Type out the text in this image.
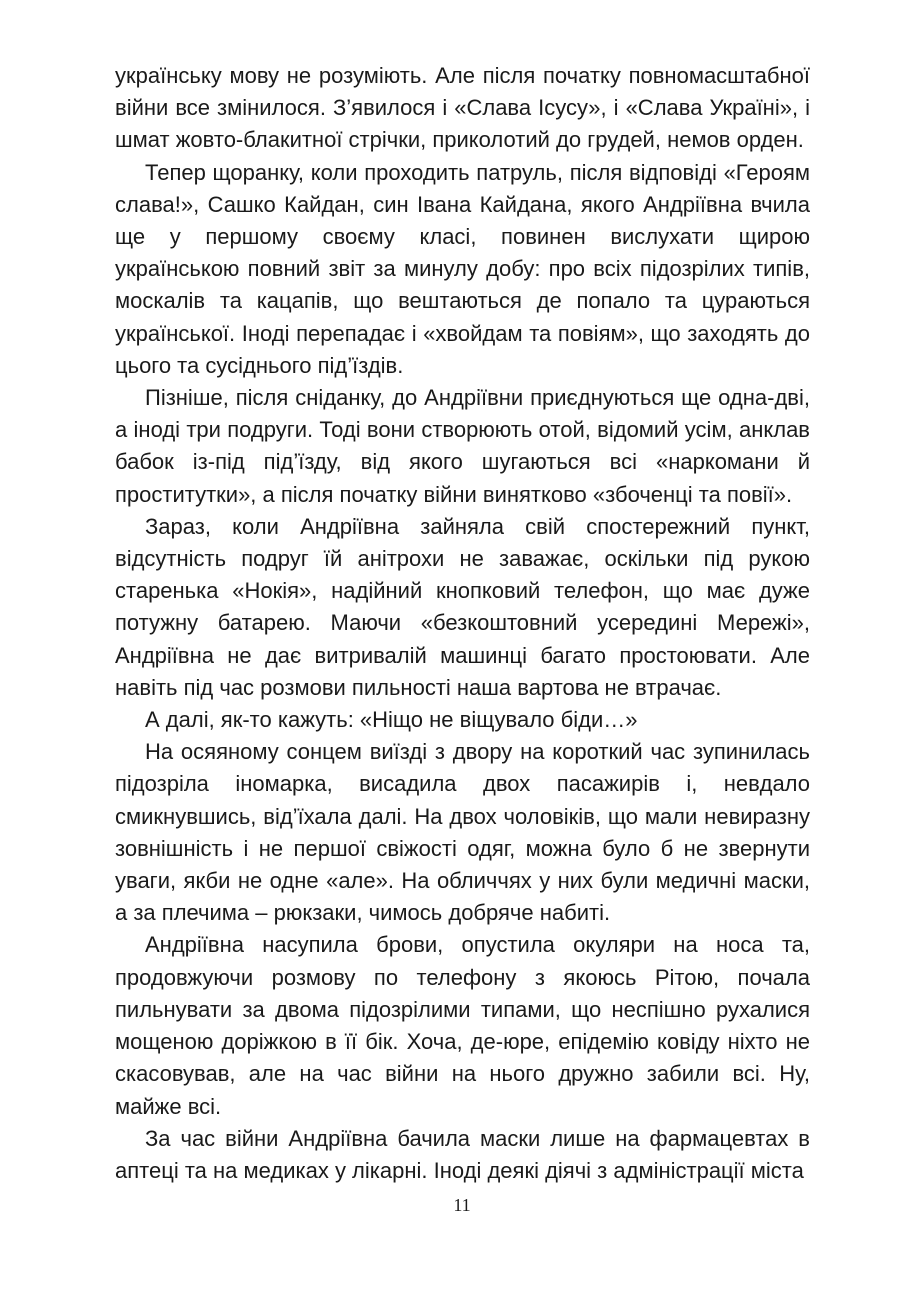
українську мову не розуміють. Але після початку повномасштабної війни все змінилося. З’явилося і «Слава Ісусу», і «Слава Україні», і шмат жовто-блакитної стрічки, приколотий до грудей, немов орден.

Тепер щоранку, коли проходить патруль, після відповіді «Героям слава!», Сашко Кайдан, син Івана Кайдана, якого Андріївна вчила ще у першому своєму класі, повинен вислухати щирою українською повний звіт за минулу добу: про всіх підозрілих типів, москалів та кацапів, що вештаються де попало та цураються української. Іноді перепадає і «хвойдам та повіям», що заходять до цього та сусіднього під’їздів.

Пізніше, після сніданку, до Андріївни приєднуються ще одна-дві, а іноді три подруги. Тоді вони створюють отой, відомий усім, анклав бабок із-під під’їзду, від якого шугаються всі «наркомани й проститутки», а після початку війни винятково «збоченці та повії».

Зараз, коли Андріївна зайняла свій спостережний пункт, відсутність подруг їй анітрохи не заважає, оскільки під рукою старенька «Нокія», надійний кнопковий телефон, що має дуже потужну батарею. Маючи «безкоштовний усередині Мережі», Андріївна не дає витривалій машинці багато простоювати. Але навіть під час розмови пильності наша вартова не втрачає.

А далі, як-то кажуть: «Ніщо не віщувало біди…»

На осяяному сонцем виїзді з двору на короткий час зупинилась підозріла іномарка, висадила двох пасажирів і, невдало смикнувшись, від’їхала далі. На двох чоловіків, що мали невиразну зовнішність і не першої свіжості одяг, можна було б не звернути уваги, якби не одне «але». На обличчях у них були медичні маски, а за плечима – рюкзаки, чимось добряче набиті.

Андріївна насупила брови, опустила окуляри на носа та, продовжуючи розмову по телефону з якоюсь Рітою, почала пильнувати за двома підозрілими типами, що неспішно рухалися мощеною доріжкою в її бік. Хоча, де-юре, епідемію ковіду ніхто не скасовував, але на час війни на нього дружно забили всі. Ну, майже всі.

За час війни Андріївна бачила маски лише на фармацевтах в аптеці та на медиках у лікарні. Іноді деякі діячі з адміністрації міста

11
